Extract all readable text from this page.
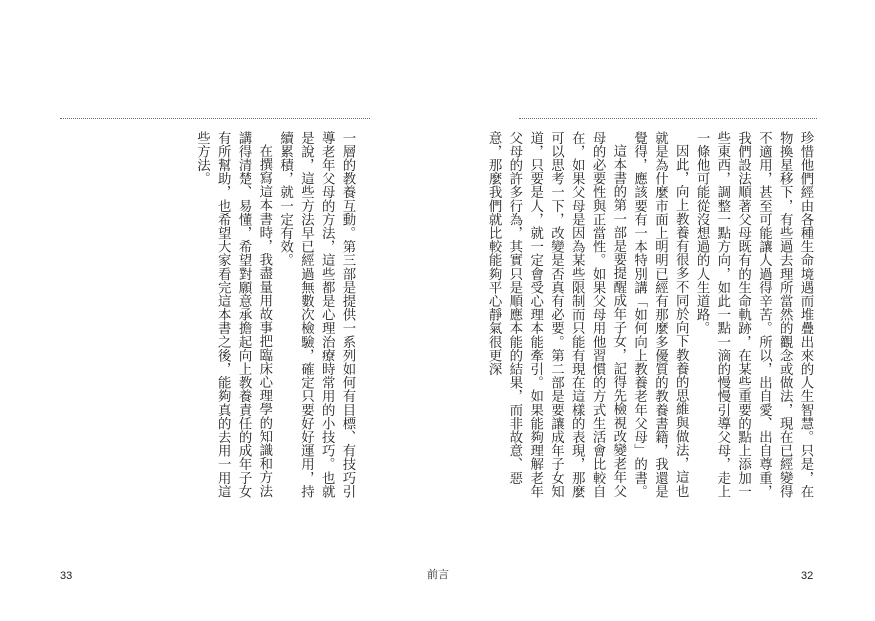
一層的教養互動。第三部是提供一系列如何有目標、有技巧引導老年父母的方法，這些都是心理治療時常用的小技巧。也就是說，這些方法早已經過無數次檢驗，確定只要好好運用，持續累積，就一定有效。

在撰寫這本書時，我盡量用故事把臨床心理學的知識和方法講得清楚、易懂，希望對願意承擔起向上教養責任的成年子女有所幫助，也希望大家看完這本書之後，能夠真的去用一用這些方法。

33	前言

珍惜他們經由各種生命境遇而堆疊出來的人生智慧。只是，在物換星移下，有些過去理所當然的觀念或做法，現在已經變得不適用，甚至可能讓人過得辛苦。所以，出自愛、出自尊重，我們設法順著父母既有的生命軌跡，在某些重要的點上添加一些東西，調整一點方向，如此一點一滴的慢慢引導父母，走上一條他可能從沒想過的人生道路。

因此，向上教養有很多不同於向下教養的思維與做法，這也就是為什麼市面上明明已經有那麼多優質的教養書籍，我還是覺得，應該要有一本特別講「如何向上教養老年父母」的書。

這本書的第一部是要提醒成年子女，記得先檢視改變老年父母的必要性與正當性。如果父母用他習慣的方式生活會比較自在，如果父母是因為某些限制而只能有現在這樣的表現，那麼可以思考一下，改變是否真有必要。第二部是要讓成年子女知道，只要是人，就一定會受心理本能牽引。如果能夠理解老年父母的許多行為，其實只是順應本能的結果，而非故意、惡意，那麼我們就比較能夠平心靜氣很更深

32
